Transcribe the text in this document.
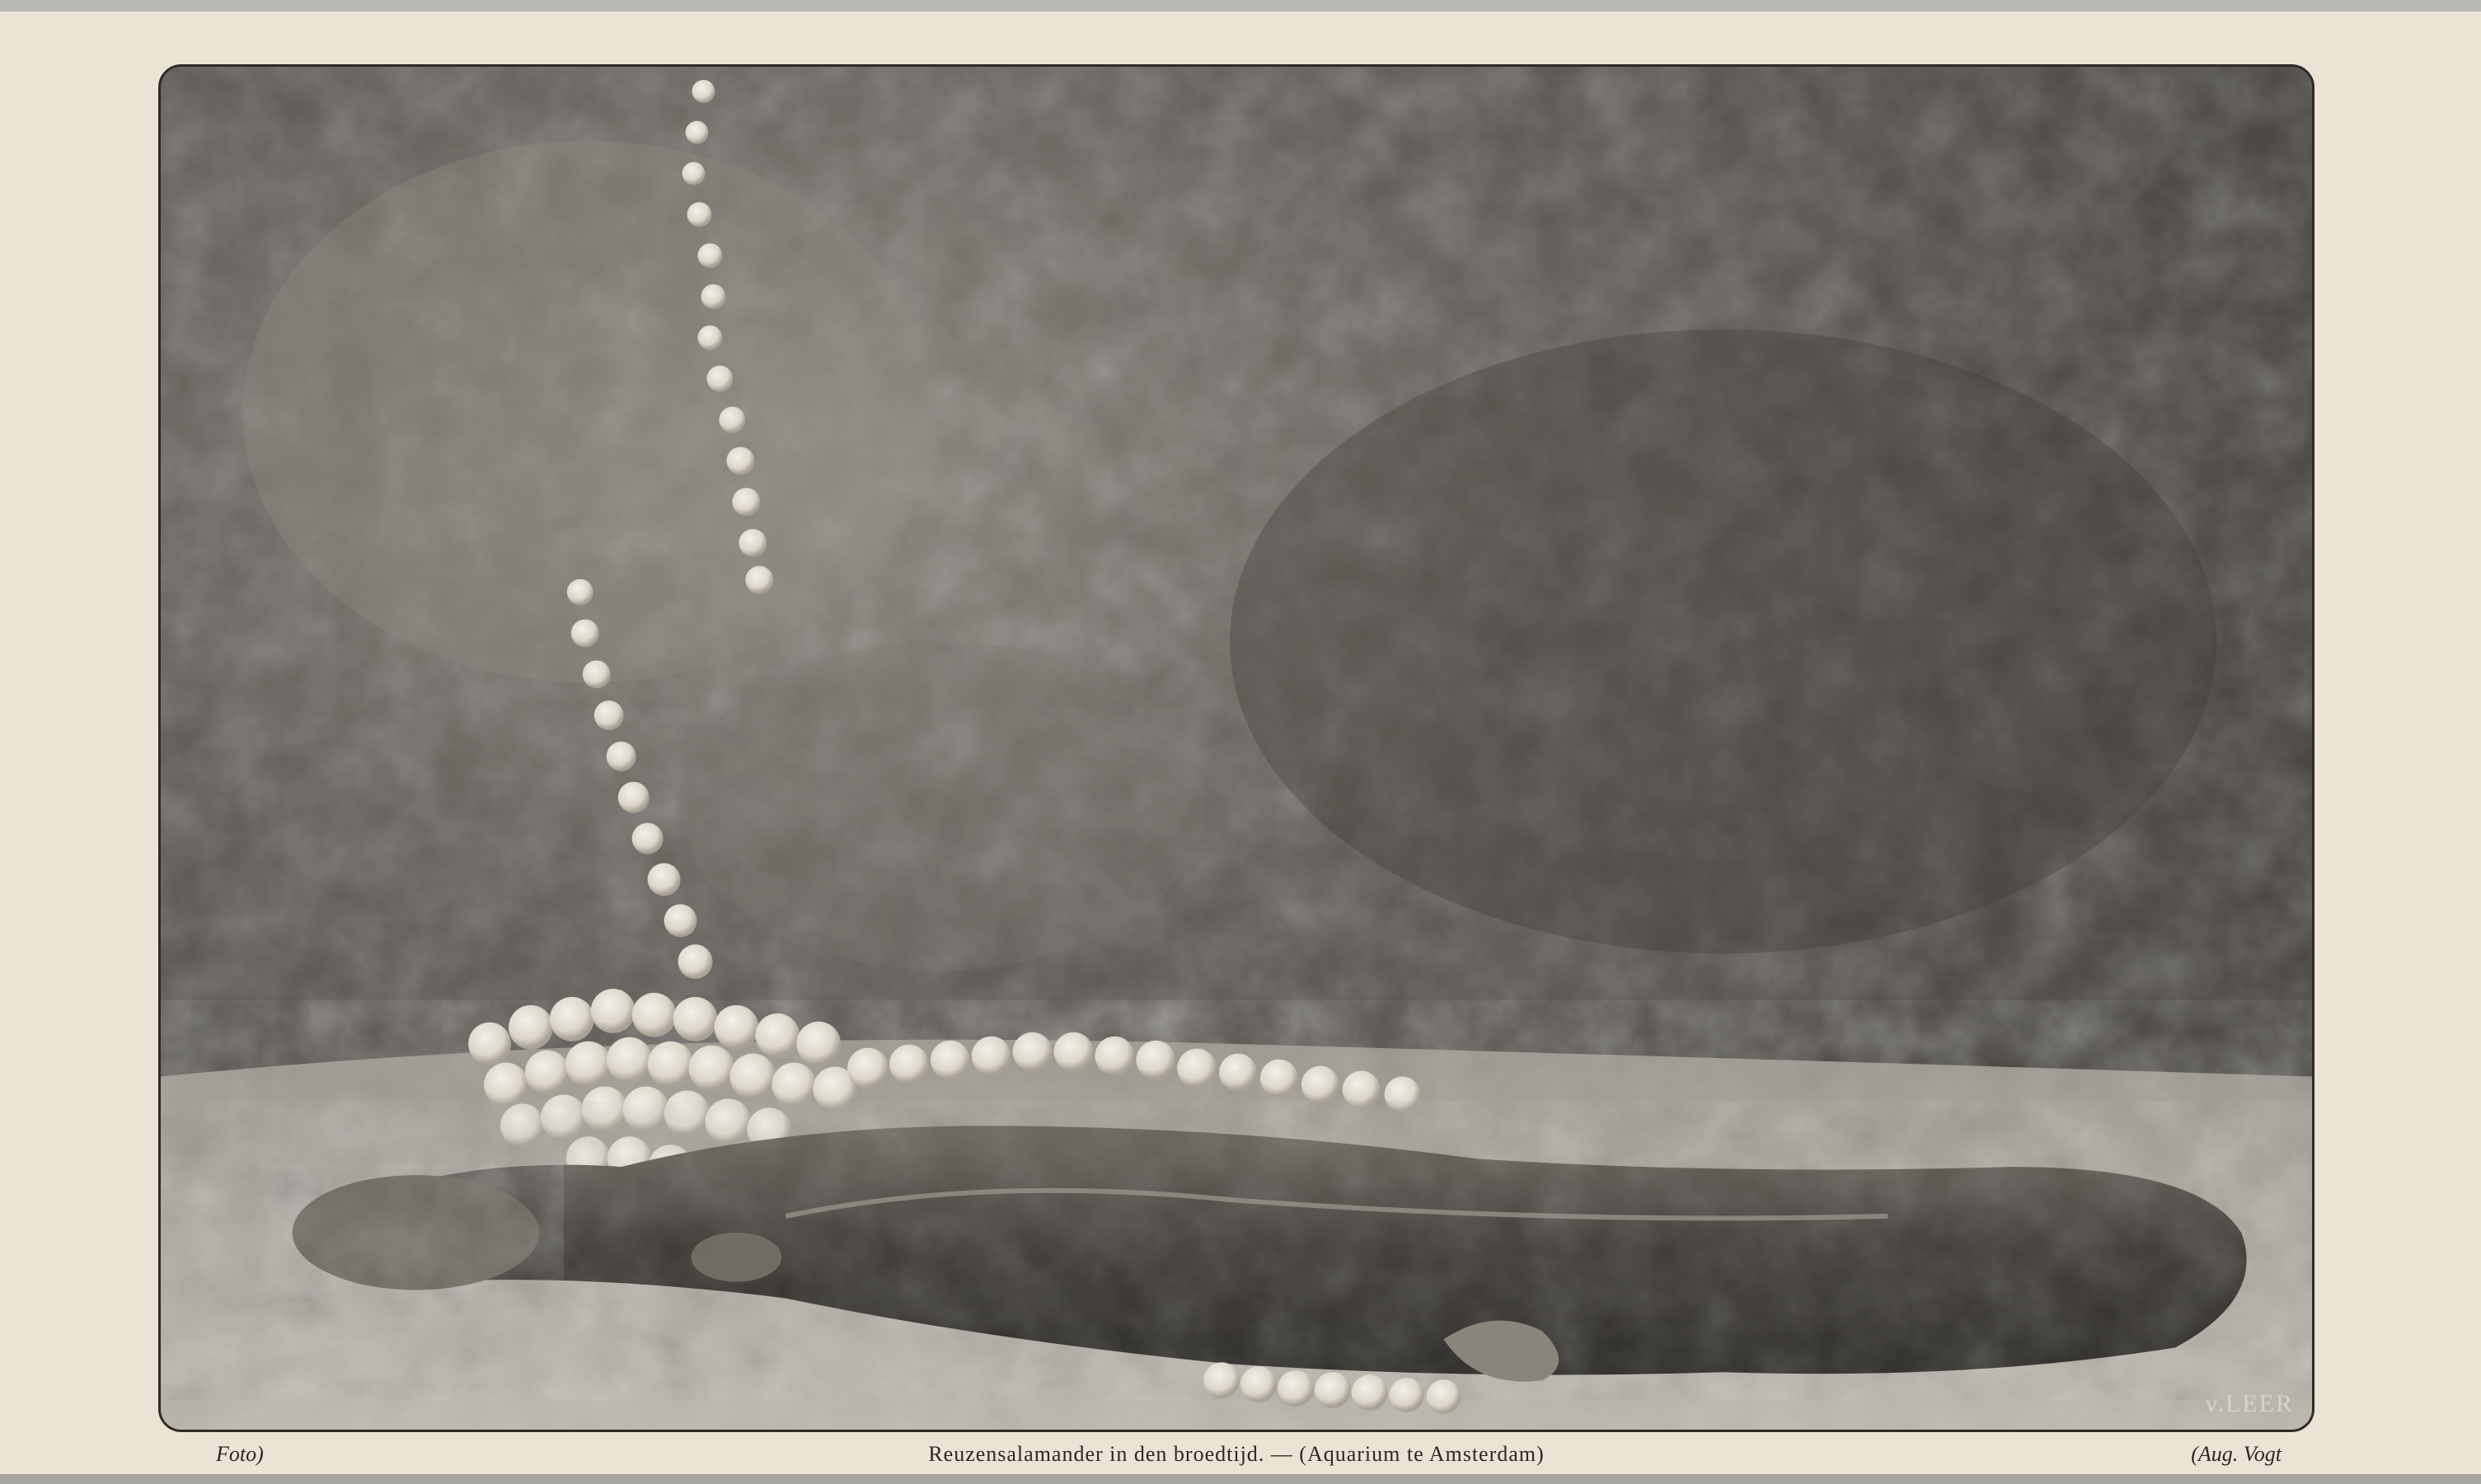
v.LEER
Foto)	Reuzensalamander in den broedtijd. — (Aquarium te Amsterdam)	(Aug. Vogt
